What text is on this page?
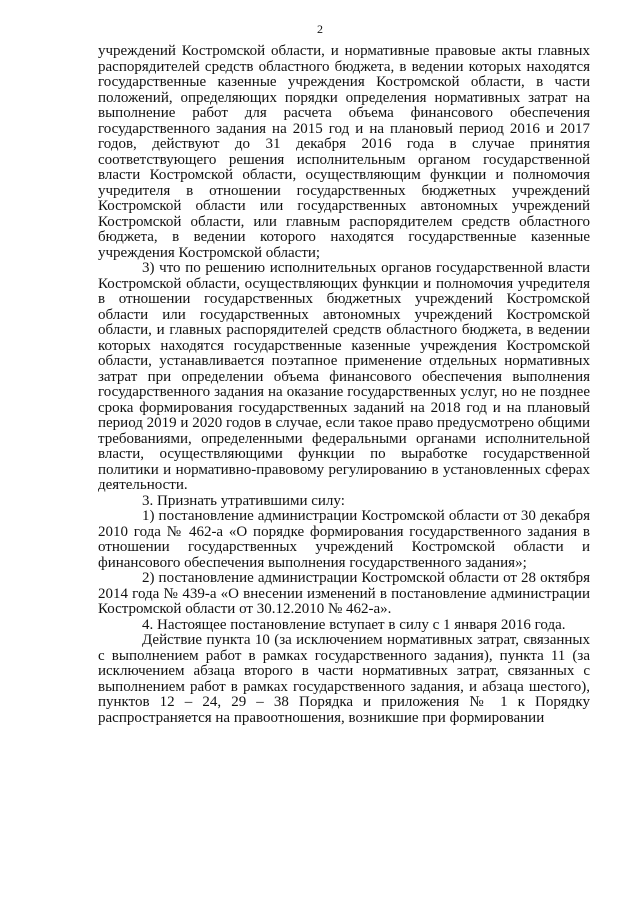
2

учреждений Костромской области, и нормативные правовые акты главных распорядителей средств областного бюджета, в ведении которых находятся государственные казенные учреждения Костромской области, в части положений, определяющих порядки определения нормативных затрат на выполнение работ для расчета объема финансового обеспечения государственного задания на 2015 год и на плановый период 2016 и 2017 годов, действуют до 31 декабря 2016 года в случае принятия соответствующего решения исполнительным органом государственной власти Костромской области, осуществляющим функции и полномочия учредителя в отношении государственных бюджетных учреждений Костромской области или государственных автономных учреждений Костромской области, или главным распорядителем средств областного бюджета, в ведении которого находятся государственные казенные учреждения Костромской области;

3) что по решению исполнительных органов государственной власти Костромской области, осуществляющих функции и полномочия учредителя в отношении государственных бюджетных учреждений Костромской области или государственных автономных учреждений Костромской области, и главных распорядителей средств областного бюджета, в ведении которых находятся государственные казенные учреждения Костромской области, устанавливается поэтапное применение отдельных нормативных затрат при определении объема финансового обеспечения выполнения государственного задания на оказание государственных услуг, но не позднее срока формирования государственных заданий на 2018 год и на плановый период 2019 и 2020 годов в случае, если такое право предусмотрено общими требованиями, определенными федеральными органами исполнительной власти, осуществляющими функции по выработке государственной политики и нормативно-правовому регулированию в установленных сферах деятельности.

3. Признать утратившими силу:

1) постановление администрации Костромской области от 30 декабря 2010 года № 462-а «О порядке формирования государственного задания в отношении государственных учреждений Костромской области и финансового обеспечения выполнения государственного задания»;

2) постановление администрации Костромской области от 28 октября 2014 года № 439-а «О внесении изменений в постановление администрации Костромской области от 30.12.2010 № 462-а».

4. Настоящее постановление вступает в силу с 1 января 2016 года.

Действие пункта 10 (за исключением нормативных затрат, связанных с выполнением работ в рамках государственного задания), пункта 11 (за исключением абзаца второго в части нормативных затрат, связанных с выполнением работ в рамках государственного задания, и абзаца шестого), пунктов 12 – 24, 29 – 38 Порядка и приложения № 1 к Порядку распространяется на правоотношения, возникшие при формировании
